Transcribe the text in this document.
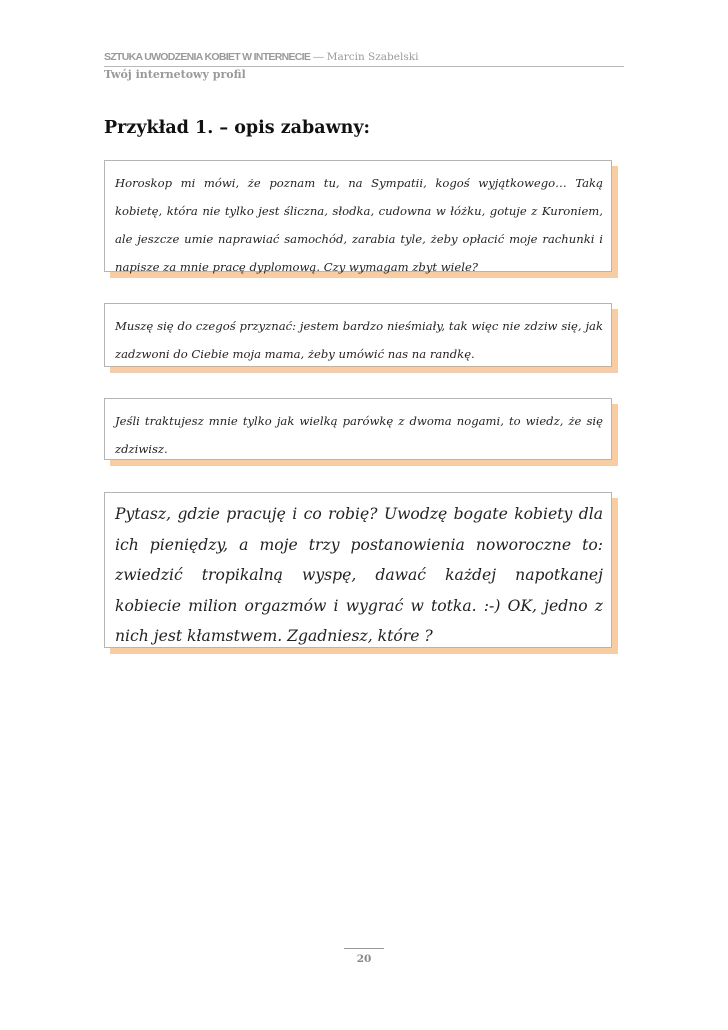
SZTUKA UWODZENIA KOBIET W INTERNECIE — Marcin Szabelski
Twój internetowy profil
Przykład 1. – opis zabawny:

Horoskop mi mówi, że poznam tu, na Sympatii, kogoś wyjątkowego… Taką kobietę, która nie tylko jest śliczna, słodka, cudowna w łóżku, gotuje z Kuroniem, ale jeszcze umie naprawiać samochód, zarabia tyle, żeby opłacić moje rachunki i napisze za mnie pracę dyplomową. Czy wymagam zbyt wiele?

Muszę się do czegoś przyznać: jestem bardzo nieśmiały, tak więc nie zdziw się, jak zadzwoni do Ciebie moja mama, żeby umówić nas na randkę.

Jeśli traktujesz mnie tylko jak wielką parówkę z dwoma nogami, to wiedz, że się zdziwisz.

Pytasz, gdzie pracuję i co robię? Uwodzę bogate kobiety dla ich pieniędzy, a moje trzy postanowienia noworoczne to: zwiedzić tropikalną wyspę, dawać każdej napotkanej kobiecie milion orgazmów i wygrać w totka. :-) OK, jedno z nich jest kłamstwem. Zgadniesz, które ?

20
